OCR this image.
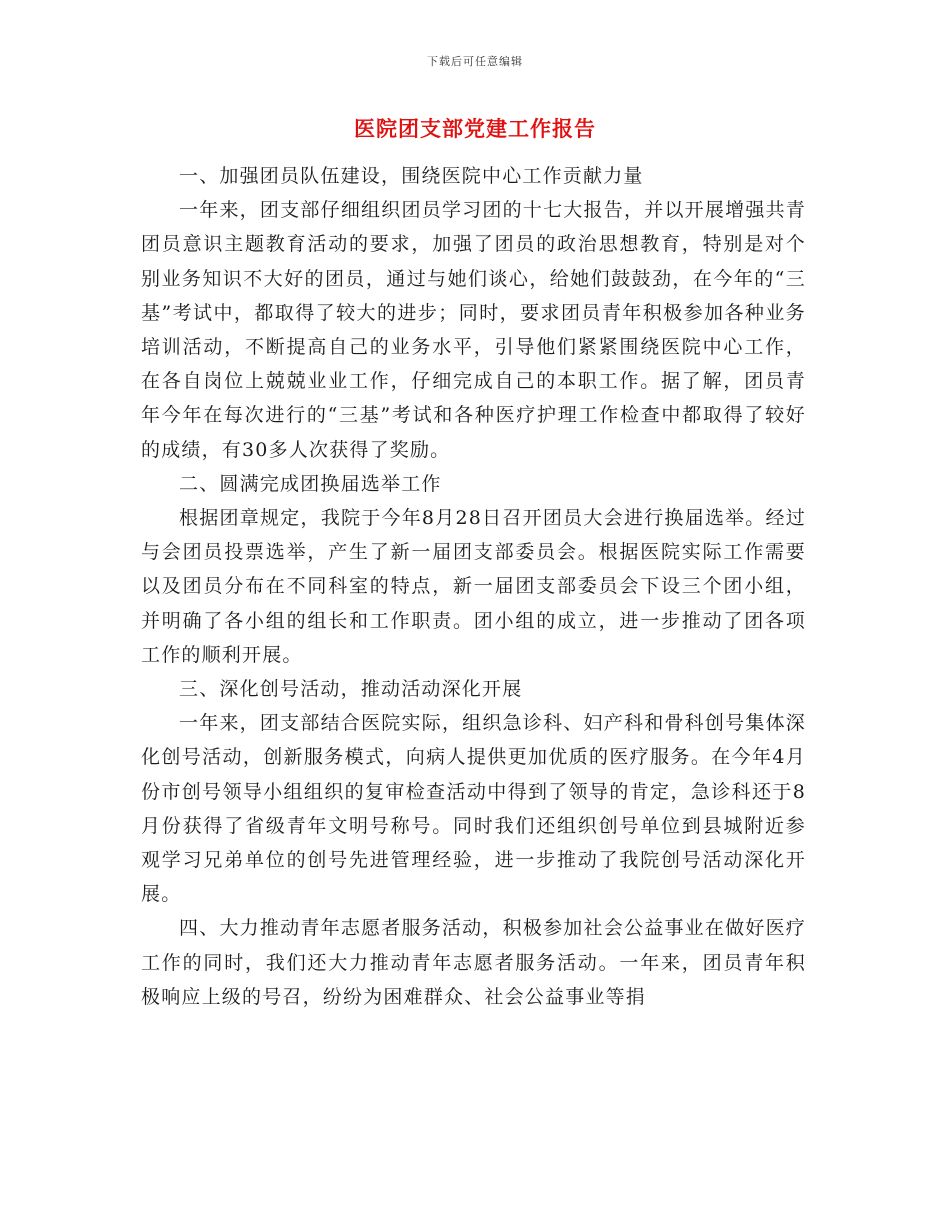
下载后可任意编辑
医院团支部党建工作报告

一、加强团员队伍建设，围绕医院中心工作贡献力量

一年来，团支部仔细组织团员学习团的十七大报告，并以开展增强共青团员意识主题教育活动的要求，加强了团员的政治思想教育，特别是对个别业务知识不大好的团员，通过与她们谈心，给她们鼓鼓劲，在今年的“三基”考试中，都取得了较大的进步；同时，要求团员青年积极参加各种业务培训活动，不断提高自己的业务水平，引导他们紧紧围绕医院中心工作，在各自岗位上兢兢业业工作，仔细完成自己的本职工作。据了解，团员青年今年在每次进行的“三基”考试和各种医疗护理工作检查中都取得了较好的成绩，有30多人次获得了奖励。

二、圆满完成团换届选举工作

根据团章规定，我院于今年8月28日召开团员大会进行换届选举。经过与会团员投票选举，产生了新一届团支部委员会。根据医院实际工作需要以及团员分布在不同科室的特点，新一届团支部委员会下设三个团小组，并明确了各小组的组长和工作职责。团小组的成立，进一步推动了团各项工作的顺利开展。

三、深化创号活动，推动活动深化开展

一年来，团支部结合医院实际，组织急诊科、妇产科和骨科创号集体深化创号活动，创新服务模式，向病人提供更加优质的医疗服务。在今年4月份市创号领导小组组织的复审检查活动中得到了领导的肯定，急诊科还于8月份获得了省级青年文明号称号。同时我们还组织创号单位到县城附近参观学习兄弟单位的创号先进管理经验，进一步推动了我院创号活动深化开展。

四、大力推动青年志愿者服务活动，积极参加社会公益事业在做好医疗工作的同时，我们还大力推动青年志愿者服务活动。一年来，团员青年积极响应上级的号召，纷纷为困难群众、社会公益事业等捐
